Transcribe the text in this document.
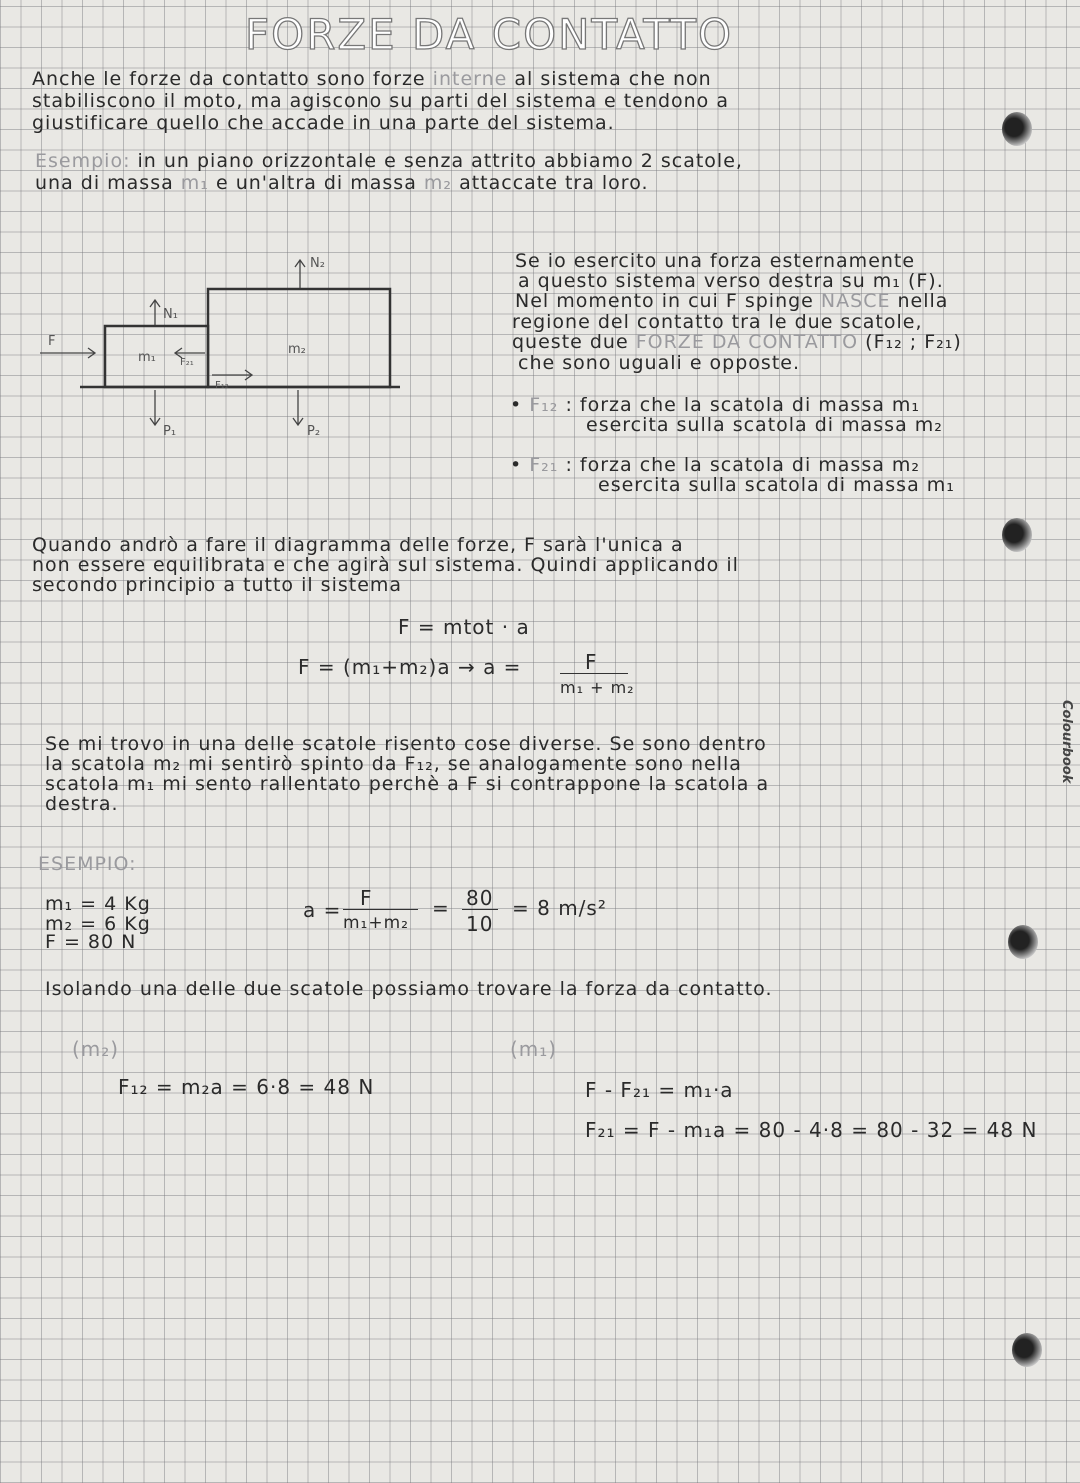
FORZE DA CONTATTO
Anche le forze da contatto sono forze interne al sistema che non
stabiliscono il moto, ma agiscono su parti del sistema e tendono a
giustificare quello che accade in una parte del sistema.
Esempio: in un piano orizzontale e senza attrito abbiamo 2 scatole,
una di massa m₁ e un'altra di massa m₂ attaccate tra loro.
F
N₁
N₂
m₁
m₂
F₂₁
F₁₂
P₁	P₂
Se io esercito una forza esternamente
a questo sistema verso destra su m₁ (F).
Nel momento in cui F spinge NASCE nella
regione del contatto tra le due scatole,
queste due FORZE DA CONTATTO (F₁₂ ; F₂₁)
che sono uguali e opposte.
• F₁₂ : forza che la scatola di massa m₁
esercita sulla scatola di massa m₂
• F₂₁ : forza che la scatola di massa m₂
esercita sulla scatola di massa m₁
Quando andrò a fare il diagramma delle forze, F sarà l'unica a
non essere equilibrata e che agirà sul sistema. Quindi applicando il
secondo principio a tutto il sistema
F = mtot · a
F = (m₁+m₂)a → a =	F
m₁ + m₂
Se mi trovo in una delle scatole risento cose diverse. Se sono dentro
la scatola m₂ mi sentirò spinto da F₁₂, se analogamente sono nella
scatola m₁ mi sento rallentato perchè a F si contrappone la scatola a
destra.
ESEMPIO:
m₁ = 4 Kg
m₂ = 6 Kg
F = 80 N
a = F
m₁+m₂
= 80
10
= 8 m/s²
Isolando una delle due scatole possiamo trovare la forza da contatto.
(m₂)	(m₁)
F₁₂ = m₂a = 6·8 = 48 N	F - F₂₁ = m₁·a
F₂₁ = F - m₁a = 80 - 4·8 = 80 - 32 = 48 N
Colourbook
